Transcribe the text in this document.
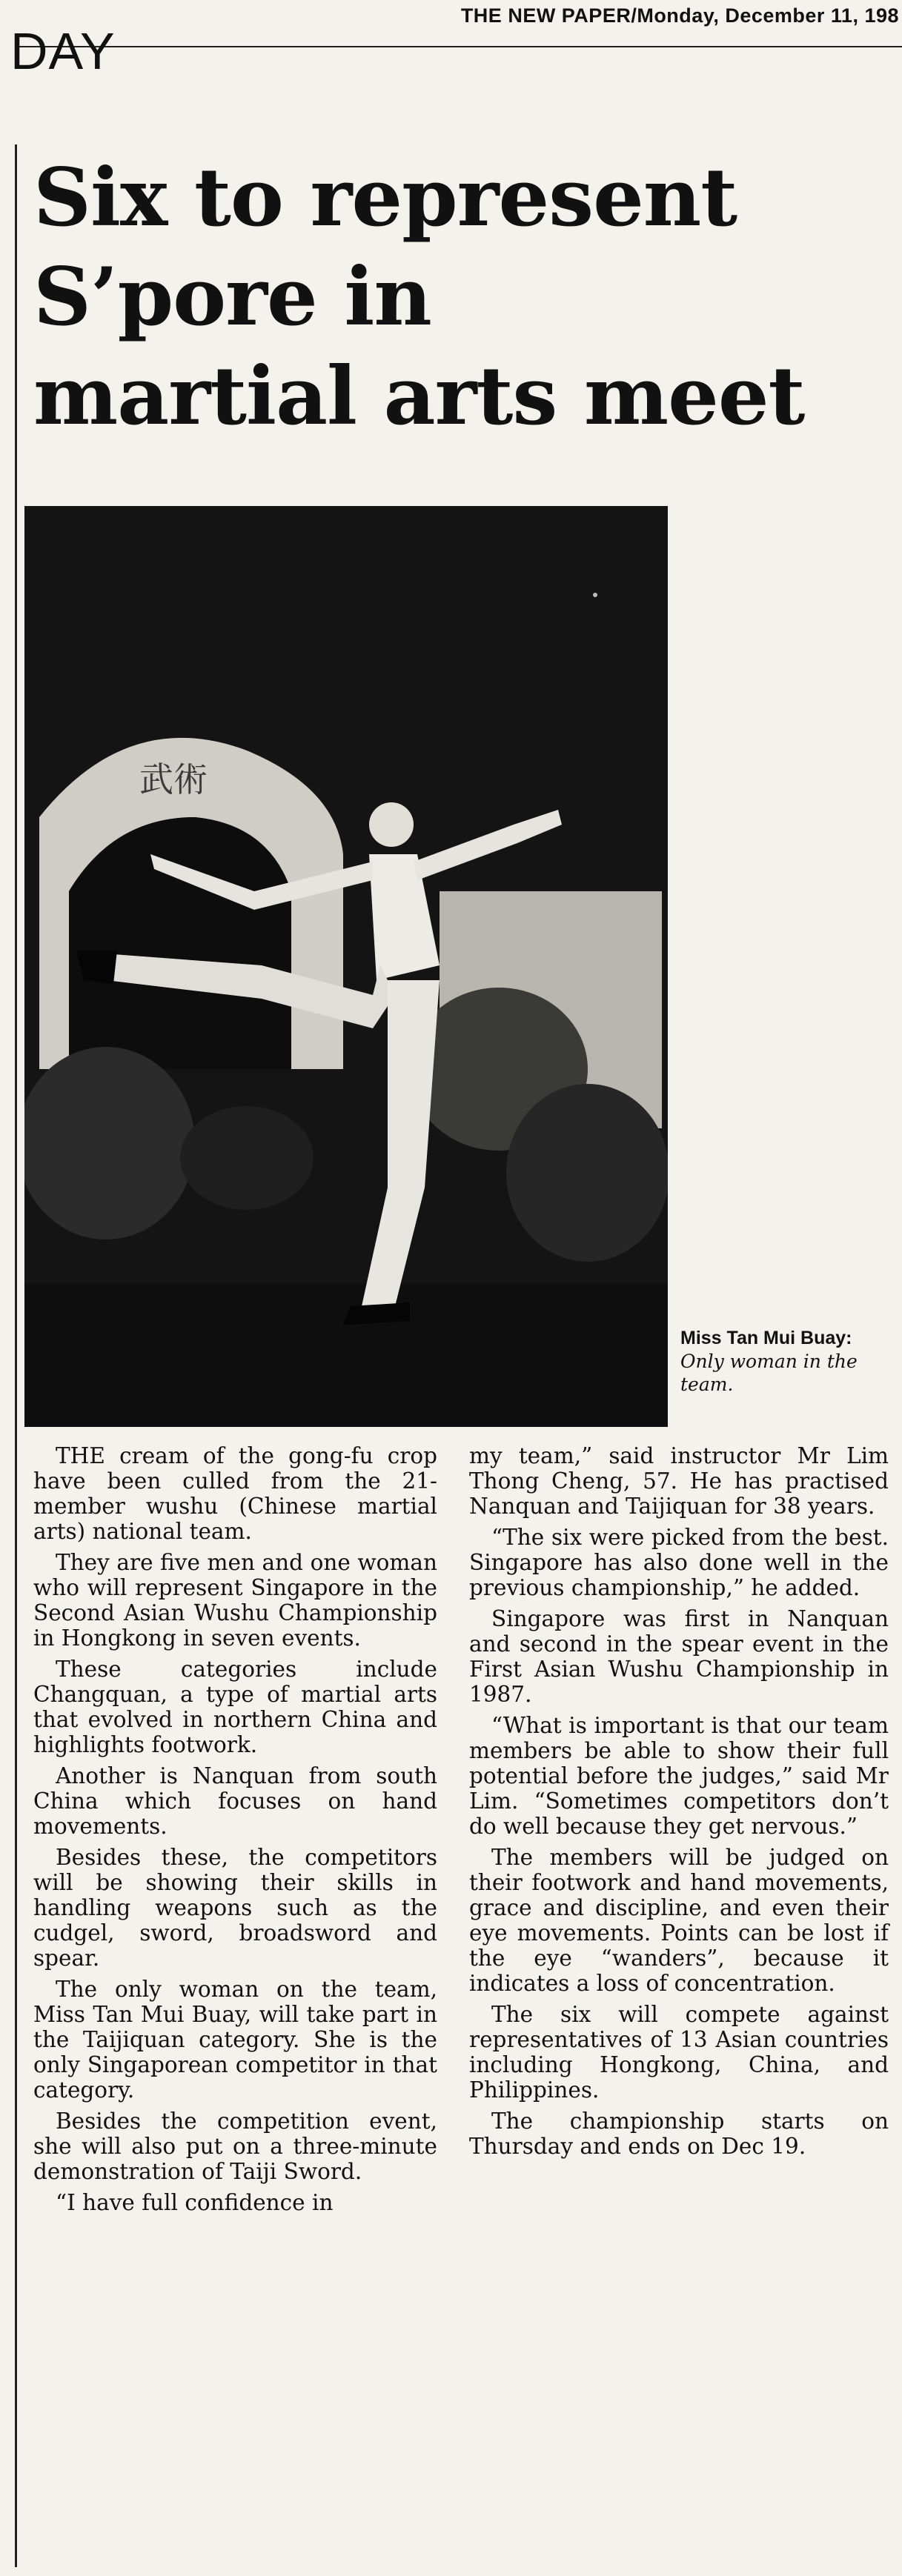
DAY
THE NEW PAPER/Monday, December 11, 198
Six to represent
S’pore in
martial arts meet
武術
Miss Tan Mui Buay: Only woman in the team.

THE cream of the gong-fu crop have been culled from the 21-member wushu (Chinese martial arts) national team.

They are five men and one woman who will represent Singapore in the Second Asian Wushu Championship in Hongkong in seven events.

These categories include Changquan, a type of martial arts that evolved in northern China and highlights footwork.

Another is Nanquan from south China which focuses on hand movements.

Besides these, the competitors will be showing their skills in handling weapons such as the cudgel, sword, broadsword and spear.

The only woman on the team, Miss Tan Mui Buay, will take part in the Taijiquan category. She is the only Singaporean competitor in that category.

Besides the competition event, she will also put on a three-minute demonstration of Taiji Sword.

“I have full confidence in

my team,” said instructor Mr Lim Thong Cheng, 57. He has practised Nanquan and Taijiquan for 38 years.

“The six were picked from the best. Singapore has also done well in the previous championship,” he added.

Singapore was first in Nanquan and second in the spear event in the First Asian Wushu Championship in 1987.

“What is important is that our team members be able to show their full potential before the judges,” said Mr Lim. “Sometimes competitors don’t do well because they get nervous.”

The members will be judged on their footwork and hand movements, grace and discipline, and even their eye movements. Points can be lost if the eye “wanders”, because it indicates a loss of concentration.

The six will compete against representatives of 13 Asian countries including Hongkong, China, and Philippines.

The championship starts on Thursday and ends on Dec 19.
